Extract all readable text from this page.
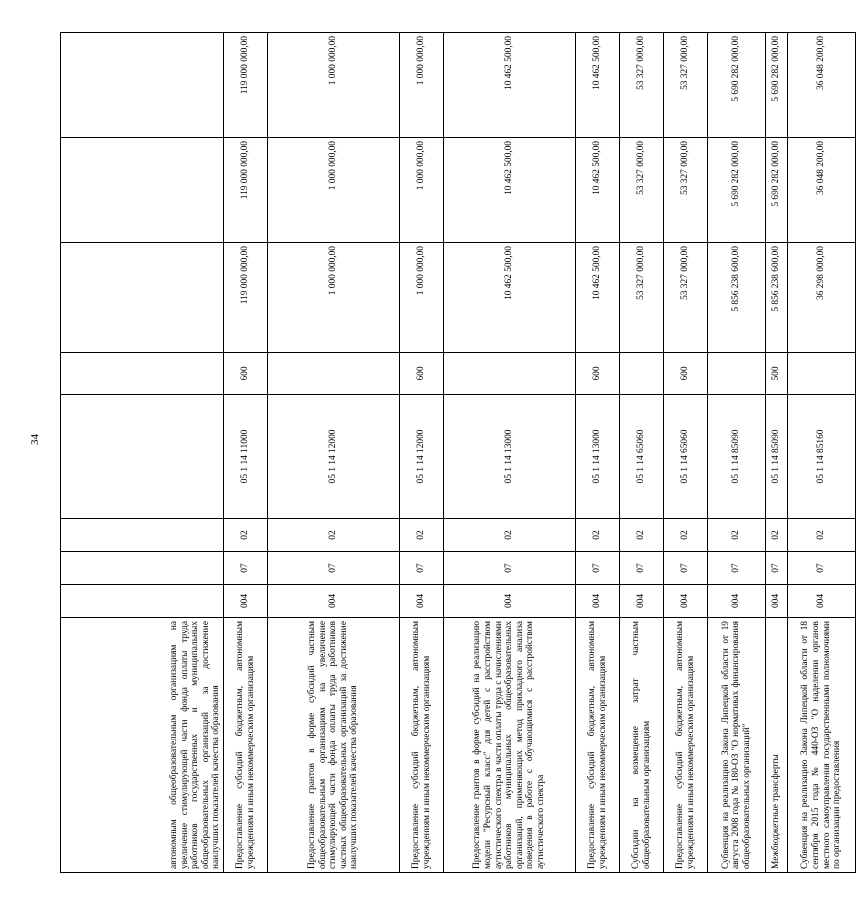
34
автономным общеобразовательным организациям на увеличение стимулирующей части фонда оплаты труда работников государственных и муниципальных общеобразовательных организаций за достижение наилучших показателей качества образования								
Предоставление субсидий бюджетным, автономным учреждениям и иным некоммерческим организациям	004	07	02	05 1 14 11000	600	119 000 000,00	119 000 000,00	119 000 000,00
Предоставление грантов в форме субсидий частным общеобразовательным организациям на увеличение стимулирующей части фонда оплаты труда работников частных общеобразовательных организаций за достижение наилучших показателей качества образования	004	07	02	05 1 14 12000		1 000 000,00	1 000 000,00	1 000 000,00
Предоставление субсидий бюджетным, автономным учреждениям и иным некоммерческим организациям	004	07	02	05 1 14 12000	600	1 000 000,00	1 000 000,00	1 000 000,00
Предоставление грантов в форме субсидий на реализацию модели "Ресурсный класс" для детей с расстройством аутистического спектра в части оплаты труда с начислениями работников муниципальных общеобразовательных организаций, применяющих метод прикладного анализа поведения в работе с обучающимися с расстройством аутистического спектра	004	07	02	05 1 14 13000		10 462 500,00	10 462 500,00	10 462 500,00
Предоставление субсидий бюджетным, автономным учреждениям и иным некоммерческим организациям	004	07	02	05 1 14 13000	600	10 462 500,00	10 462 500,00	10 462 500,00
Субсидии на возмещение затрат частным общеобразовательным организациям	004	07	02	05 1 14 65060		53 327 000,00	53 327 000,00	53 327 000,00
Предоставление субсидий бюджетным, автономным учреждениям и иным некоммерческим организациям	004	07	02	05 1 14 65060	600	53 327 000,00	53 327 000,00	53 327 000,00
Субвенция на реализацию Закона Липецкой области от 19 августа 2008 года № 180-ОЗ "О нормативах финансирования общеобразовательных организаций"	004	07	02	05 1 14 85090		5 856 238 600,00	5 690 282 000,00	5 690 282 000,00
Межбюджетные трансферты	004	07	02	05 1 14 85090	500	5 856 238 600,00	5 690 282 000,00	5 690 282 000,00
Субвенция на реализацию Закона Липецкой области от 18 сентября 2015 года № 440-ОЗ "О наделении органов местного самоуправления государственными полномочиями по организации предоставления	004	07	02	05 1 14 85160		36 298 000,00	36 048 200,00	36 048 200,00
